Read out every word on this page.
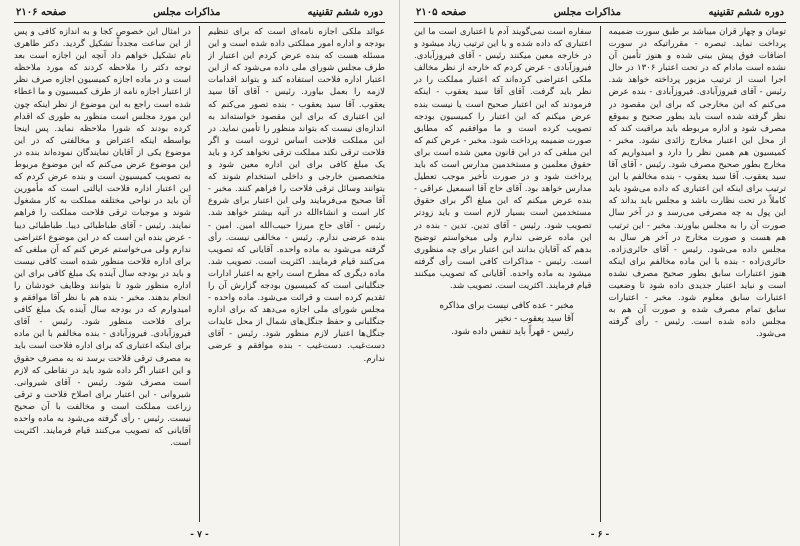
دوره ششم تقنینیه
مذاکرات مجلس
صفحه ۲۱۰۶

عوائد ملکی اجازه نامه‌ای است که برای تنظیم بودجه و اداره امور مملکتی داده شده است و این مسئله هست که بنده عرض کردم این اعتبار از طرف مجلس شورای ملی داده می‌شود که از این اعتبار اداره فلاحت استفاده کند و بتواند اقدامات لازمه را بعمل بیاورد. رئیس - آقای آقا سید یعقوب. آقا سید یعقوب - بنده تصور می‌کنم که این اعتباری که برای این مقصود خواسته‌اند به اندازه‌ای نیست که بتواند منظور را تأمین نماید. در این مملکت فلاحت اساس ثروت است و اگر فلاحت ترقی نکند مملکت ترقی نخواهد کرد و باید یک مبلغ کافی برای این اداره معین شود و متخصصین خارجی و داخلی استخدام شوند که بتوانند وسائل ترقی فلاحت را فراهم کنند. مخبر - آقا صحیح می‌فرمایند ولی این اعتبار برای شروع کار است و انشاءالله در آتیه بیشتر خواهد شد. رئیس - آقای حاج میرزا حبیب‌الله امین. امین - بنده عرضی ندارم. رئیس - مخالفی نیست. رأی گرفته می‌شود به ماده واحده. آقایانی که تصویب می‌کنند قیام فرمایند. اکثریت است. تصویب شد. ماده دیگری که مطرح است راجع به اعتبار ادارات جنگلبانی است که کمیسیون بودجه گزارش آن را تقدیم کرده است و قرائت می‌شود. ماده واحده - مجلس شورای ملی اجازه می‌دهد که برای اداره جنگلبانی و حفظ جنگل‌های شمال از محل عایدات جنگل‌ها اعتبار لازم منظور شود. رئیس - آقای دست‌غیب. دست‌غیب - بنده موافقم و عرضی ندارم.

در امثال این خصوص کجا و به اندازه کافی و پس از این ساعت مجدداً تشکیل گردید. دکتر طاهری نام تشکیل خواهم داد آنچه این اجازه است بعد توجه دکتر را ملاحظه کردند که مورد ملاحظه است و در ماده اجازه کمیسیون اجازه صرف نظر از اعتبار اجازه نامه از طرف کمیسیون و ما اعطاء شده است راجع به این موضوع از نظر اینکه چون این مورد مجلس است منظور به طوری که اقدام کرده بودند که شورا ملاحظه نماید. پس اینجا بواسطه اینکه اعتراض و مخالفتی که در این موضوع یکی از آقایان نمایندگان نموده‌اند بنده در این موضوع عرض می‌کنم که این موضوع مربوط به تصویب کمیسیون است و بنده عرض کردم که این اعتبار اداره فلاحت ایالتی است که مأمورین آن باید در نواحی مختلفه مملکت به کار مشغول شوند و موجبات ترقی فلاحت مملکت را فراهم نمایند. رئیس - آقای طباطبائی دیبا. طباطبائی دیبا - عرض بنده این است که در این موضوع اعتراضی ندارم ولی می‌خواستم عرض کنم که آن مبلغی که برای اداره فلاحت منظور شده است کافی نیست و باید در بودجه سال آینده یک مبلغ کافی برای این اداره منظور شود تا بتوانند وظایف خودشان را انجام بدهند. مخبر - بنده هم با نظر آقا موافقم و امیدوارم که در بودجه سال آینده یک مبلغ کافی برای فلاحت منظور شود. رئیس - آقای فیروزآبادی. فیروزآبادی - بنده مخالفم با این ماده برای اینکه اعتباری که برای اداره فلاحت است باید به مصرف ترقی فلاحت برسد نه به مصرف حقوق و این اعتبار اگر داده شود باید در نقاطی که لازم است مصرف شود. رئیس - آقای شیروانی. شیروانی - این اعتبار برای اصلاح فلاحت و ترقی زراعت مملکت است و مخالفت با آن صحیح نیست. رئیس - رأی گرفته می‌شود به ماده واحده آقایانی که تصویب می‌کنند قیام فرمایند. اکثریت است.

- ۷ -
دوره ششم تقنینیه
مذاکرات مجلس
صفحه ۲۱۰۵

تومان و چهار قران میباشد بر طبق سورت ضمیمه پرداخت نماید. تبصره - مقرراتیکه در سورت اضافات فوق پیش بینی شده و هنوز تأمین آن نشده است مادام که در تحت اعتبار ۱۳۰۶ در حال اجرا است از ترتیب مزبور پرداخته خواهد شد. رئیس - آقای فیروزآبادی. فیروزآبادی - بنده عرض می‌کنم که این مخارجی که برای این مقصود در نظر گرفته شده است باید بطور صحیح و بموقع مصرف شود و اداره مربوطه باید مراقبت کند که از محل این اعتبار مخارج زائدی نشود. مخبر - کمیسیون هم همین نظر را دارد و امیدواریم که مخارج بطور صحیح مصرف شود. رئیس - آقای آقا سید یعقوب. آقا سید یعقوب - بنده مخالفم با این ترتیب برای اینکه این اعتباری که داده می‌شود باید کاملاً در تحت نظارت باشد و مجلس باید بداند که این پول به چه مصرفی می‌رسد و در آخر سال صورت آن را به مجلس بیاورند. مخبر - این ترتیب هم هست و صورت مخارج در آخر هر سال به مجلس داده می‌شود. رئیس - آقای حائری‌زاده. حائری‌زاده - بنده با این ماده مخالفم برای اینکه هنوز اعتبارات سابق بطور صحیح مصرف نشده است و نباید اعتبار جدیدی داده شود تا وضعیت اعتبارات سابق معلوم شود. مخبر - اعتبارات سابق تمام مصرف شده و صورت آن هم به مجلس داده شده است. رئیس - رأی گرفته می‌شود.

سفاره است نمی‌گویند آدم با اعتباری است ما این اعتباری که داده شده و با این ترتیب زیاد میشود و در خارجه معین میکنند رئیس - آقای فیروزآبادی. فیروزآبادی - عرض کردم که خارجه از نظر مخالف ملکی اعتراضی کرده‌اند که اعتبار مملکت را در نظر باید گرفت. آقای آقا سید یعقوب - اینکه فرمودند که این اعتبار صحیح است یا نیست بنده عرض میکنم که این اعتبار را کمیسیون بودجه تصویب کرده است و ما موافقیم که مطابق صورت ضمیمه پرداخت شود. مخبر - عرض کنم که این مبلغی که در این قانون معین شده است برای حقوق معلمین و مستخدمین مدارس است که باید پرداخت شود و در صورت تأخیر موجب تعطیل مدارس خواهد بود. آقای حاج آقا اسمعیل عراقی - بنده عرض میکنم که این مبلغ اگر برای حقوق مستخدمین است بسیار لازم است و باید زودتر تصویب شود. رئیس - آقای تدین. تدین - بنده در این ماده عرضی ندارم ولی میخواستم توضیح بدهم که آقایان بدانند این اعتبار برای چه منظوری است. رئیس - مذاکرات کافی است رأی گرفته میشود به ماده واحده. آقایانی که تصویب میکنند قیام فرمایند. اکثریت است. تصویب شد.

مخبر - عده کافی نیست برای مذاکره
آقا سید یعقوب - نخیر
رئیس - قهراً باید تنفس داده شود.
- ۶ -
